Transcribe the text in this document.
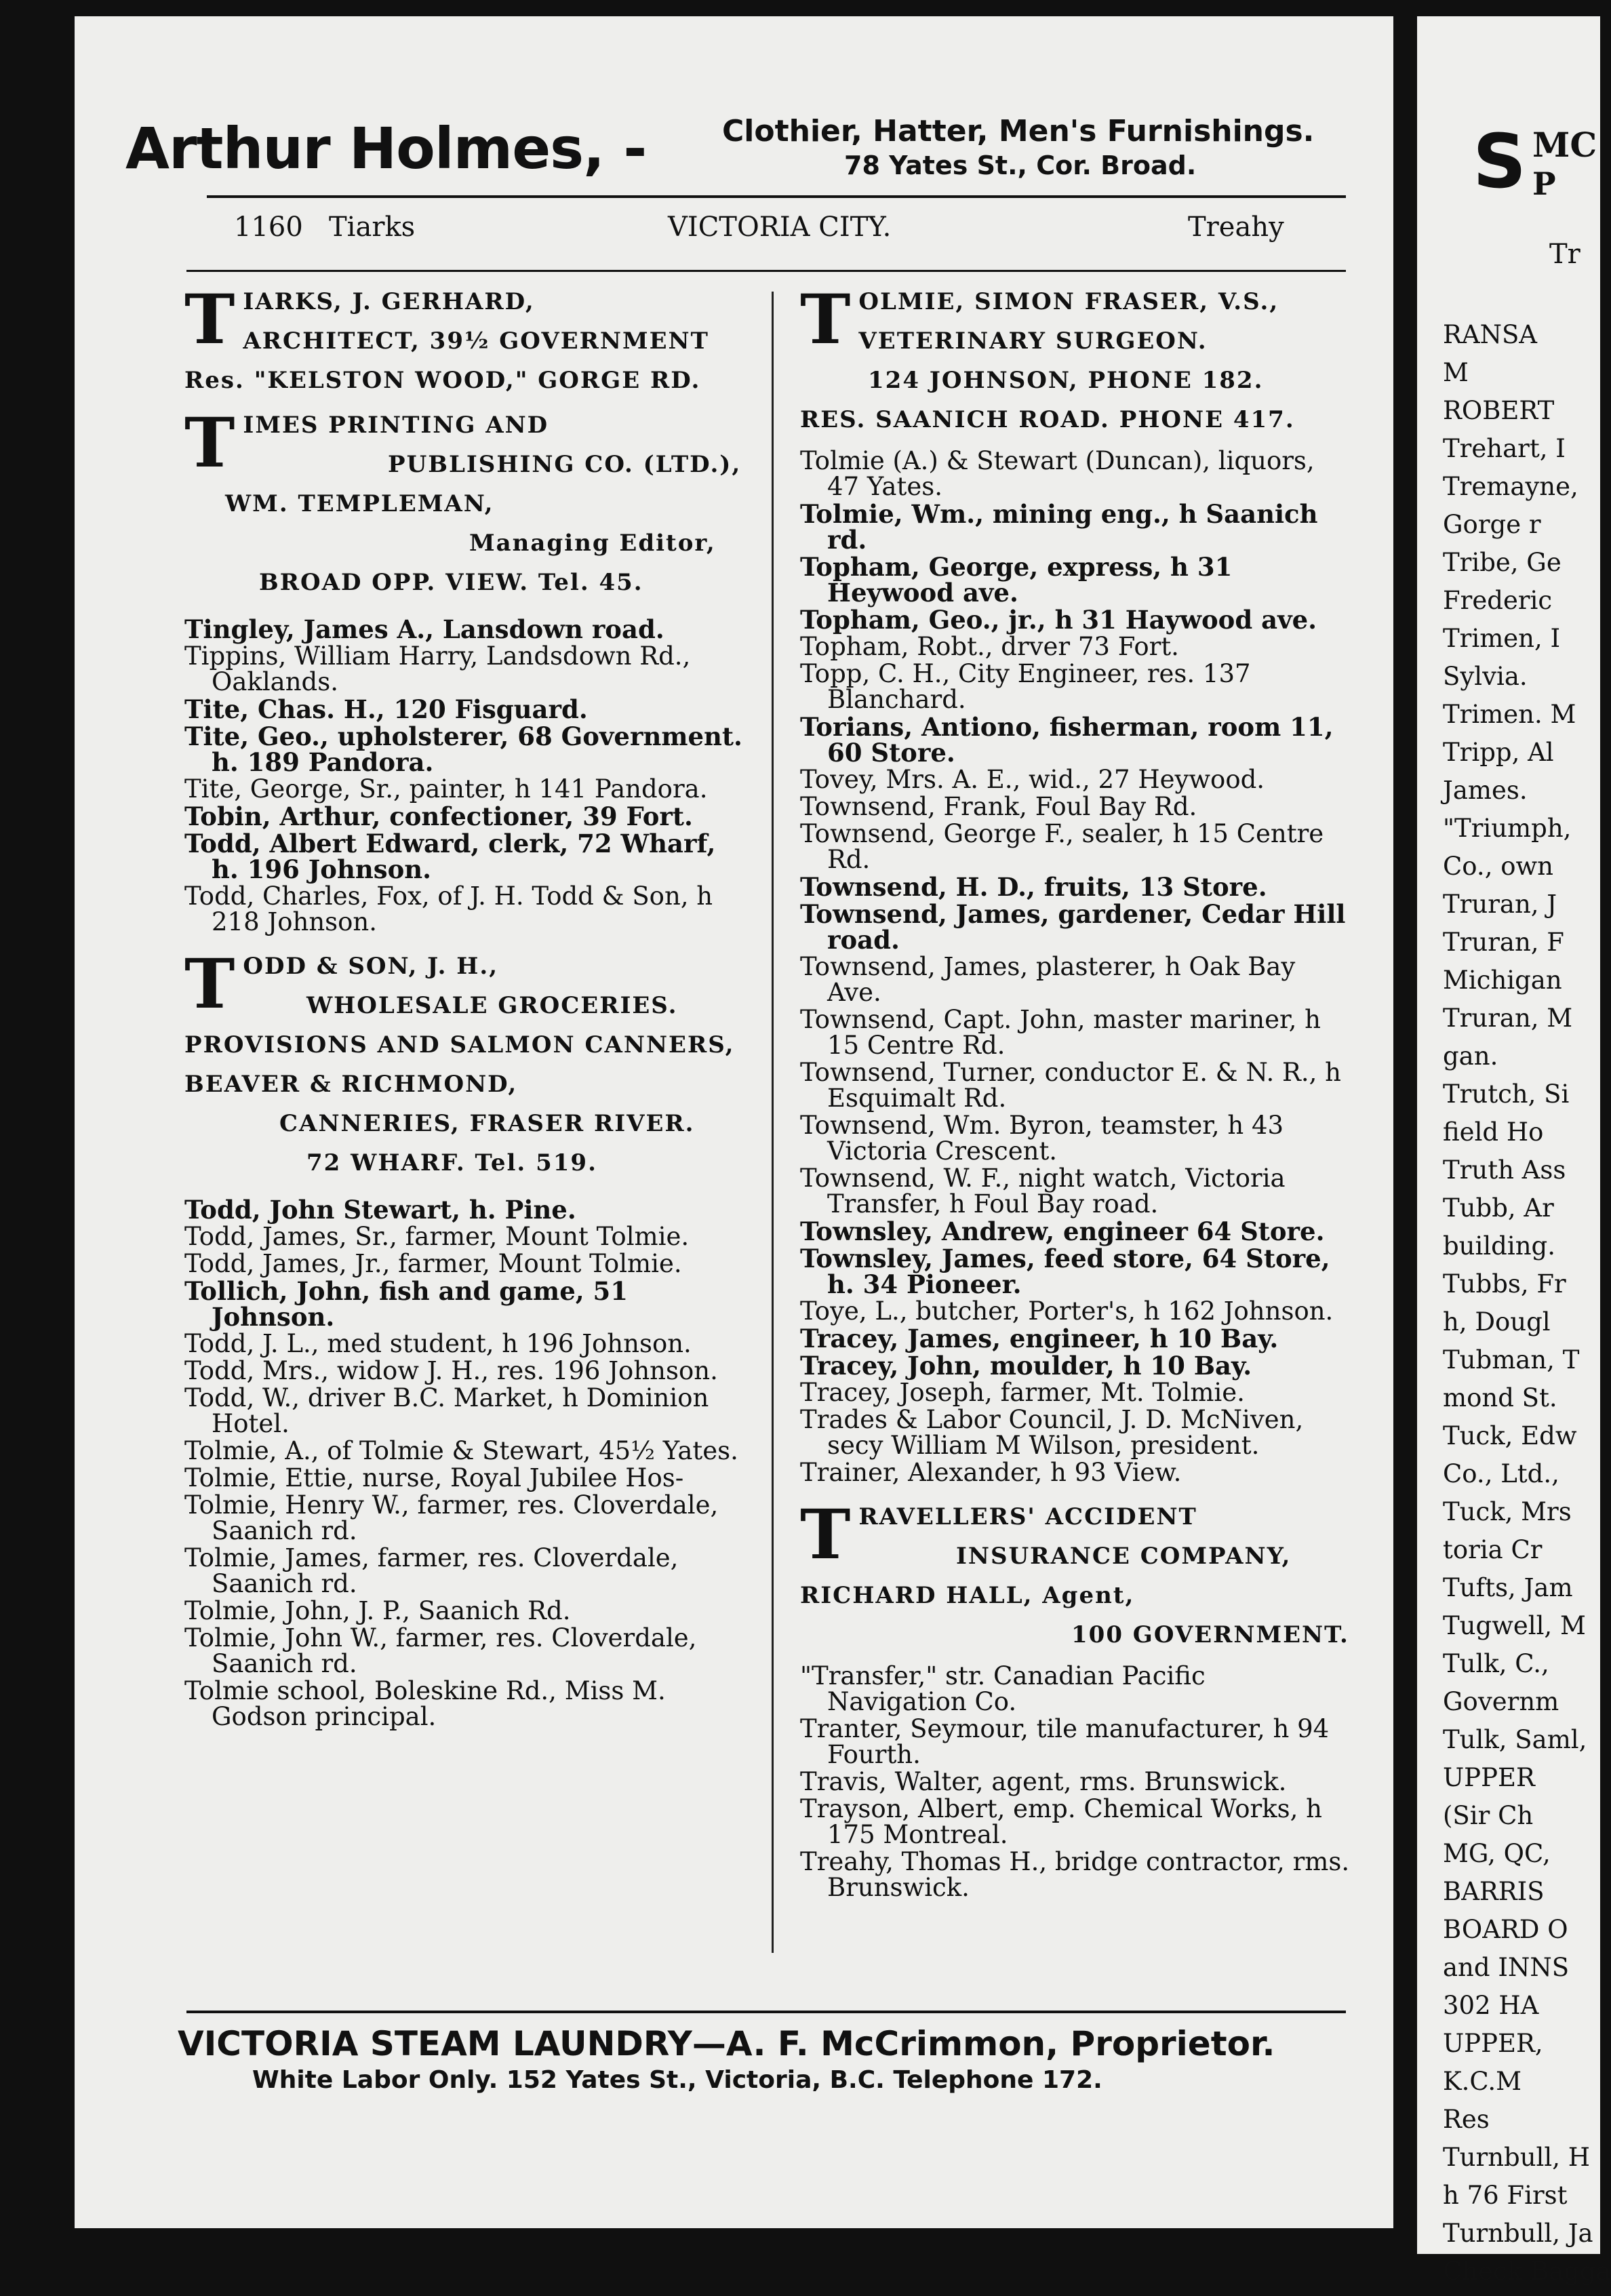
Arthur Holmes, -	Clothier, Hatter, Men's Furnishings.
78 Yates St., Cor. Broad.
1160 Tiarks	VICTORIA CITY.	Treahy
T IARKS, J. GERHARD,
ARCHITECT, 39½ GOVERNMENT
Res. "KELSTON WOOD," GORGE RD.
T IMES PRINTING AND
PUBLISHING CO. (LTD.),
WM. TEMPLEMAN,
Managing Editor,
BROAD OPP. VIEW. Tel. 45.
Tingley, James A., Lansdown road.
Tippins, William Harry, Landsdown Rd., Oaklands.
Tite, Chas. H., 120 Fisguard.
Tite, Geo., upholsterer, 68 Government. h. 189 Pandora.
Tite, George, Sr., painter, h 141 Pandora.
Tobin, Arthur, confectioner, 39 Fort.
Todd, Albert Edward, clerk, 72 Wharf, h. 196 Johnson.
Todd, Charles, Fox, of J. H. Todd & Son, h 218 Johnson.
T ODD & SON, J. H.,
WHOLESALE GROCERIES.
PROVISIONS AND SALMON CANNERS,
BEAVER & RICHMOND,
CANNERIES, FRASER RIVER.
72 WHARF. Tel. 519.
Todd, John Stewart, h. Pine.
Todd, James, Sr., farmer, Mount Tolmie.
Todd, James, Jr., farmer, Mount Tolmie.
Tollich, John, fish and game, 51 Johnson.
Todd, J. L., med student, h 196 Johnson.
Todd, Mrs., widow J. H., res. 196 Johnson.
Todd, W., driver B.C. Market, h Dominion Hotel.
Tolmie, A., of Tolmie & Stewart, 45½ Yates.
Tolmie, Ettie, nurse, Royal Jubilee Hos-
Tolmie, Henry W., farmer, res. Cloverdale, Saanich rd.
Tolmie, James, farmer, res. Cloverdale, Saanich rd.
Tolmie, John, J. P., Saanich Rd.
Tolmie, John W., farmer, res. Cloverdale, Saanich rd.
Tolmie school, Boleskine Rd., Miss M. Godson principal.
T OLMIE, SIMON FRASER, V.S.,
VETERINARY SURGEON.
124 JOHNSON, PHONE 182.
RES. SAANICH ROAD. PHONE 417.
Tolmie (A.) & Stewart (Duncan), liquors, 47 Yates.
Tolmie, Wm., mining eng., h Saanich rd.
Topham, George, express, h 31 Heywood ave.
Topham, Geo., jr., h 31 Haywood ave.
Topham, Robt., drver 73 Fort.
Topp, C. H., City Engineer, res. 137 Blanchard.
Torians, Antiono, fisherman, room 11, 60 Store.
Tovey, Mrs. A. E., wid., 27 Heywood.
Townsend, Frank, Foul Bay Rd.
Townsend, George F., sealer, h 15 Centre Rd.
Townsend, H. D., fruits, 13 Store.
Townsend, James, gardener, Cedar Hill road.
Townsend, James, plasterer, h Oak Bay Ave.
Townsend, Capt. John, master mariner, h 15 Centre Rd.
Townsend, Turner, conductor E. & N. R., h Esquimalt Rd.
Townsend, Wm. Byron, teamster, h 43 Victoria Crescent.
Townsend, W. F., night watch, Victoria Transfer, h Foul Bay road.
Townsley, Andrew, engineer 64 Store.
Townsley, James, feed store, 64 Store, h. 34 Pioneer.
Toye, L., butcher, Porter's, h 162 Johnson.
Tracey, James, engineer, h 10 Bay.
Tracey, John, moulder, h 10 Bay.
Tracey, Joseph, farmer, Mt. Tolmie.
Trades & Labor Council, J. D. McNiven, secy William M Wilson, president.
Trainer, Alexander, h 93 View.
T RAVELLERS' ACCIDENT
INSURANCE COMPANY,
RICHARD HALL, Agent,
100 GOVERNMENT.
"Transfer," str. Canadian Pacific Navigation Co.
Tranter, Seymour, tile manufacturer, h 94 Fourth.
Travis, Walter, agent, rms. Brunswick.
Trayson, Albert, emp. Chemical Works, h 175 Montreal.
Treahy, Thomas H., bridge contractor, rms. Brunswick.
VICTORIA STEAM LAUNDRY—A. F. McCrimmon, Proprietor.
White Labor Only. 152 Yates St., Victoria, B.C. Telephone 172.
S MC
P
Tr
RANSA
M
ROBERT
Trehart, I
Tremayne,
Gorge r
Tribe, Ge
Frederic
Trimen, I
Sylvia.
Trimen. M
Tripp, Al
James.
"Triumph,
Co., own
Truran, J
Truran, F
Michigan
Truran, M
gan.
Trutch, Si
field Ho
Truth Ass
Tubb, Ar
building.
Tubbs, Fr
h, Dougl
Tubman, T
mond St.
Tuck, Edw
Co., Ltd.,
Tuck, Mrs
toria Cr
Tufts, Jam
Tugwell, M
Tulk, C.,
Governm
Tulk, Saml,
UPPER
(Sir Ch
MG, QC,
BARRIS
BOARD O
and INNS
302 HA
UPPER,
K.C.M
Res
Turnbull, H
h 76 First
Turnbull, Ja
Check Bagga
